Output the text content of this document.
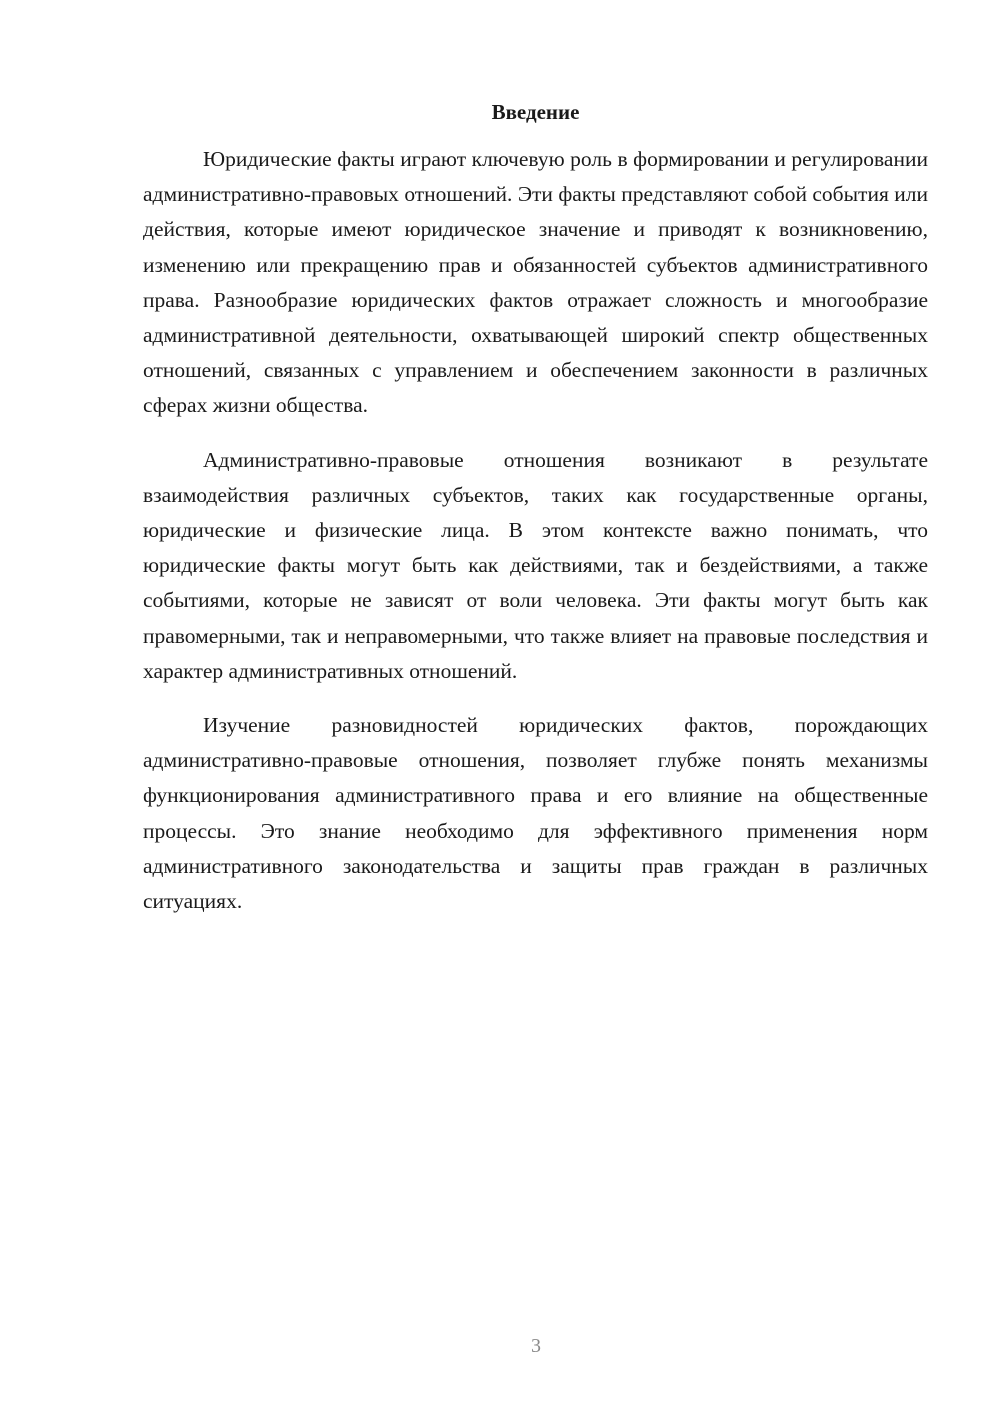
Введение

Юридические факты играют ключевую роль в формировании и регулировании административно-правовых отношений. Эти факты представляют собой события или действия, которые имеют юридическое значение и приводят к возникновению, изменению или прекращению прав и обязанностей субъектов административного права. Разнообразие юридических фактов отражает сложность и многообразие административной деятельности, охватывающей широкий спектр общественных отношений, связанных с управлением и обеспечением законности в различных сферах жизни общества.

Административно-правовые отношения возникают в результате взаимодействия различных субъектов, таких как государственные органы, юридические и физические лица. В этом контексте важно понимать, что юридические факты могут быть как действиями, так и бездействиями, а также событиями, которые не зависят от воли человека. Эти факты могут быть как правомерными, так и неправомерными, что также влияет на правовые последствия и характер административных отношений.

Изучение разновидностей юридических фактов, порождающих административно-правовые отношения, позволяет глубже понять механизмы функционирования административного права и его влияние на общественные процессы. Это знание необходимо для эффективного применения норм административного законодательства и защиты прав граждан в различных ситуациях.

3
